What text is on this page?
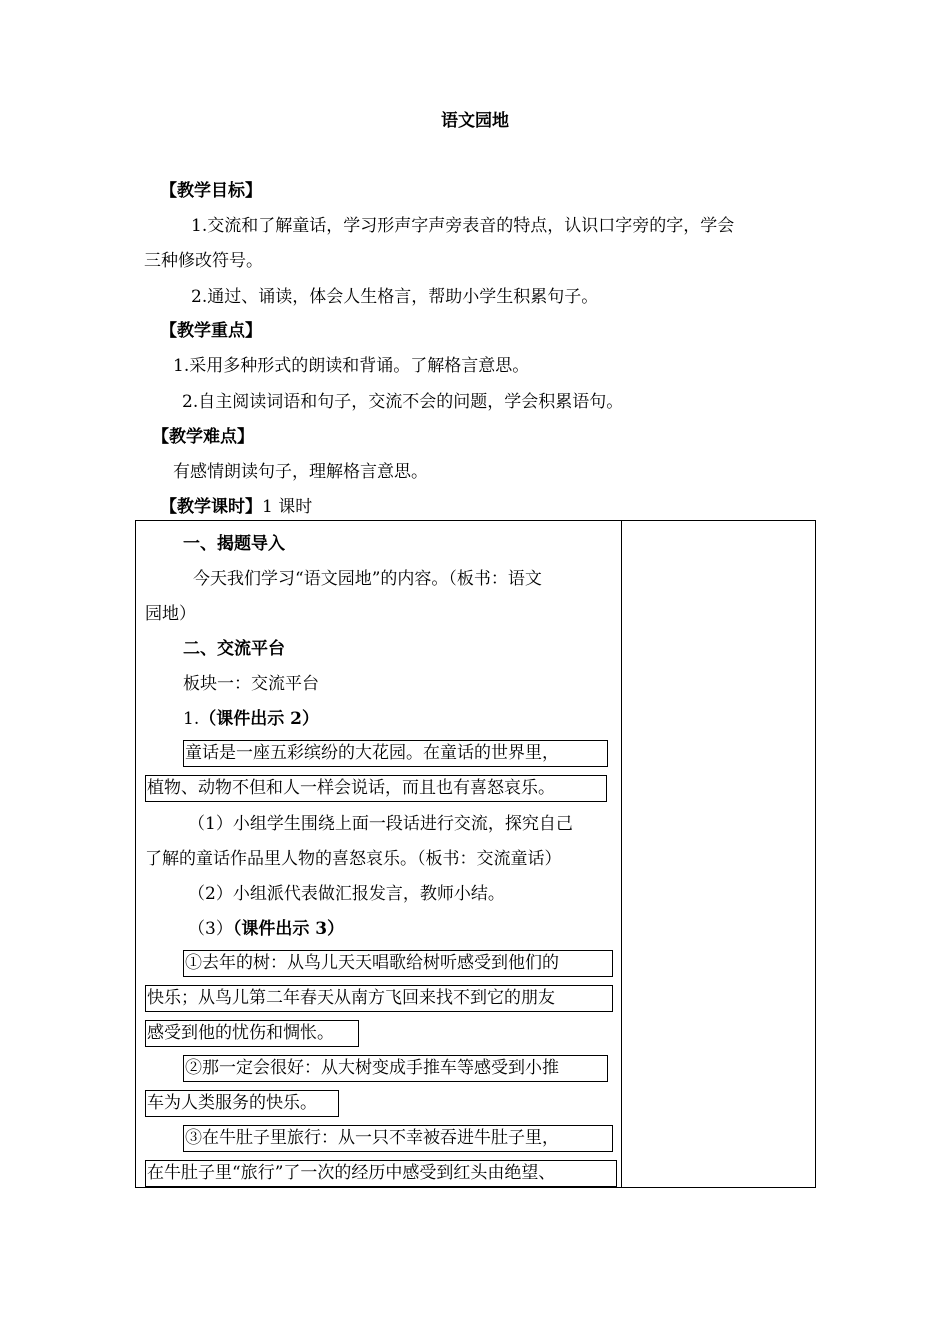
语文园地
【教学目标】
1.交流和了解童话，学习形声字声旁表音的特点，认识口字旁的字，学会
三种修改符号。
2.通过、诵读，体会人生格言，帮助小学生积累句子。
【教学重点】
1.采用多种形式的朗读和背诵。了解格言意思。
2.自主阅读词语和句子，交流不会的问题，学会积累语句。
【教学难点】
有感情朗读句子，理解格言意思。
【教学课时】1 课时
一、揭题导入
今天我们学习“语文园地”的内容。（板书：语文
园地）
二、交流平台
板块一：交流平台
1.（课件出示 2）
童话是一座五彩缤纷的大花园。在童话的世界里，
植物、动物不但和人一样会说话，而且也有喜怒哀乐。
（1）小组学生围绕上面一段话进行交流，探究自己
了解的童话作品里人物的喜怒哀乐。（板书：交流童话）
（2）小组派代表做汇报发言，教师小结。
（3）（课件出示 3）
①去年的树：从鸟儿天天唱歌给树听感受到他们的
快乐；从鸟儿第二年春天从南方飞回来找不到它的朋友
感受到他的忧伤和惆怅。
②那一定会很好：从大树变成手推车等感受到小推
车为人类服务的快乐。
③在牛肚子里旅行：从一只不幸被吞进牛肚子里，
在牛肚子里“旅行”了一次的经历中感受到红头由绝望、
